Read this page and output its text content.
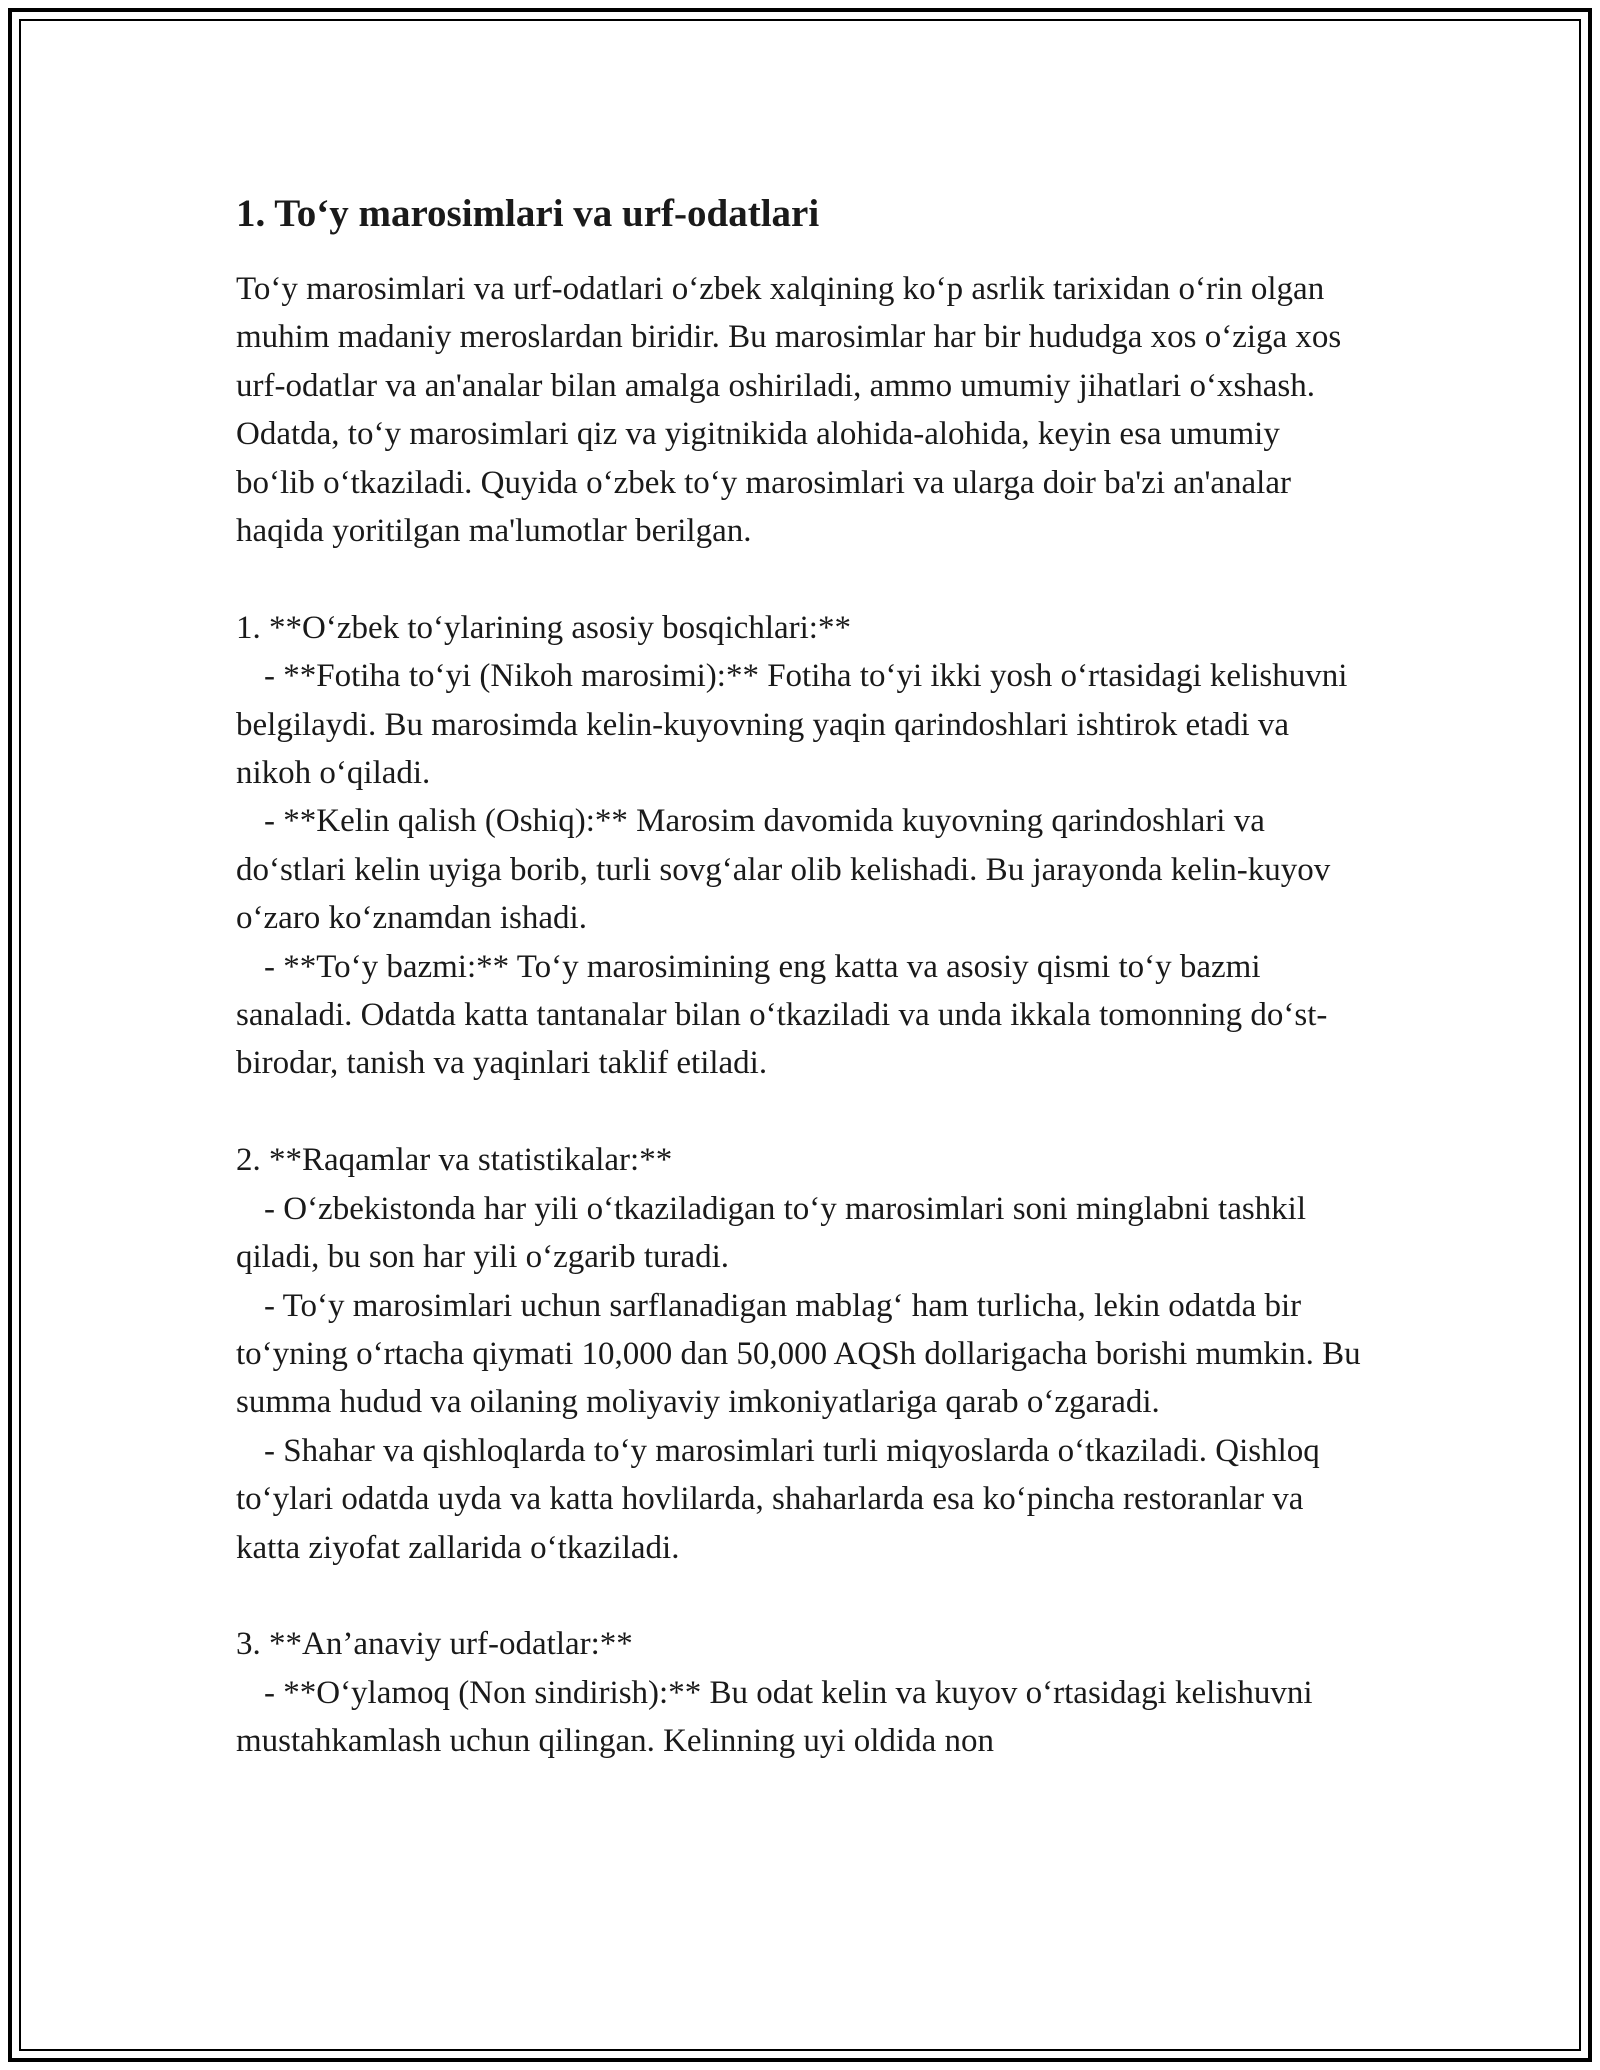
1. To‘y marosimlari va urf-odatlari

To‘y marosimlari va urf-odatlari o‘zbek xalqining ko‘p asrlik tarixidan o‘rin olgan muhim madaniy meroslardan biridir. Bu marosimlar har bir hududga xos o‘ziga xos urf-odatlar va an'analar bilan amalga oshiriladi, ammo umumiy jihatlari o‘xshash. Odatda, to‘y marosimlari qiz va yigitnikida alohida-alohida, keyin esa umumiy bo‘lib o‘tkaziladi. Quyida o‘zbek to‘y marosimlari va ularga doir ba'zi an'analar haqida yoritilgan ma'lumotlar berilgan.

1. **O‘zbek to‘ylarining asosiy bosqichlari:**

- **Fotiha to‘yi (Nikoh marosimi):** Fotiha to‘yi ikki yosh o‘rtasidagi kelishuvni belgilaydi. Bu marosimda kelin-kuyovning yaqin qarindoshlari ishtirok etadi va nikoh o‘qiladi.

- **Kelin qalish (Oshiq):** Marosim davomida kuyovning qarindoshlari va do‘stlari kelin uyiga borib, turli sovg‘alar olib kelishadi. Bu jarayonda kelin-kuyov o‘zaro ko‘znamdan ishadi.

- **To‘y bazmi:** To‘y marosimining eng katta va asosiy qismi to‘y bazmi sanaladi. Odatda katta tantanalar bilan o‘tkaziladi va unda ikkala tomonning do‘st-birodar, tanish va yaqinlari taklif etiladi.

2. **Raqamlar va statistikalar:**

- O‘zbekistonda har yili o‘tkaziladigan to‘y marosimlari soni minglabni tashkil qiladi, bu son har yili o‘zgarib turadi.

- To‘y marosimlari uchun sarflanadigan mablag‘ ham turlicha, lekin odatda bir to‘yning o‘rtacha qiymati 10,000 dan 50,000 AQSh dollarigacha borishi mumkin. Bu summa hudud va oilaning moliyaviy imkoniyatlariga qarab o‘zgaradi.

- Shahar va qishloqlarda to‘y marosimlari turli miqyoslarda o‘tkaziladi. Qishloq to‘ylari odatda uyda va katta hovlilarda, shaharlarda esa ko‘pincha restoranlar va katta ziyofat zallarida o‘tkaziladi.

3. **An’anaviy urf-odatlar:**

- **O‘ylamoq (Non sindirish):** Bu odat kelin va kuyov o‘rtasidagi kelishuvni mustahkamlash uchun qilingan. Kelinning uyi oldida non
